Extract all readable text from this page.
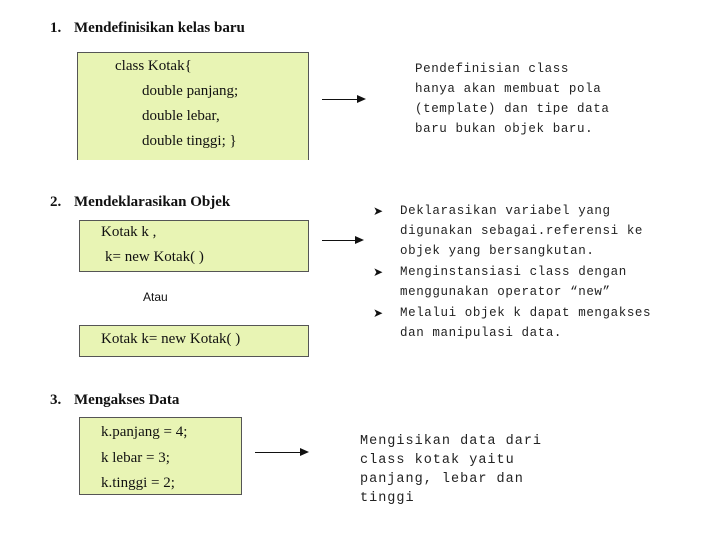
1. Mendefinisikan kelas baru
class Kotak{
double panjang;
double lebar,
double tinggi; }
Pendefinisian class
hanya akan membuat pola
(template) dan tipe data
baru bukan objek baru.
2. Mendeklarasikan Objek
Kotak k ,
k= new Kotak( )
Atau
Kotak k= new Kotak( )
➤ Deklarasikan variabel yang
digunakan sebagai.referensi ke
objek yang bersangkutan.
➤ Menginstansiasi class dengan
menggunakan operator “new”
➤ Melalui objek k dapat mengakses
dan manipulasi data.
3. Mengakses Data
k.panjang = 4;
k lebar = 3;
k.tinggi = 2;
Mengisikan data dari
class kotak yaitu
panjang, lebar dan
tinggi
